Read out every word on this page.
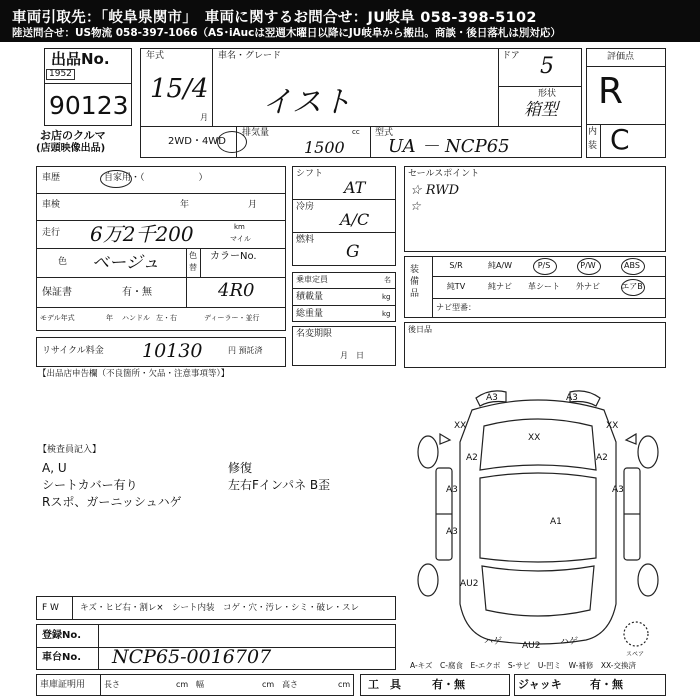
車両引取先：「岐阜県関市」　車両に関するお問合せ：JU岐阜 058-398-5102
陸送問合せ：US物流 058-397-1066（AS･iAucは翌週木曜日以降にJU岐阜から搬出。商談・後日落札は別対応）
出品No.
1952
90123
お店のクルマ
(店頭映像出品)
年式
15/4
月
車名・グレード
イスト
ドア 5
形状
箱型
2WD・4WD
排気量	cc
1500
型式
UA － NCP65
評価点
R
内
装 C
車歴	自家用・（　　　　　　）
車検	年	月
走行 6万2千200	km
マイル
色 ベージュ	色
替
カラーNo.
4R0
保証書	有・無
モデル年式	年 ハンドル 左・右	ディーラー・並行
リサイクル料金 10130	円 預託済
シフト
AT
冷房
A/C
燃料
G
乗車定員	名
積載量	kg
総重量	kg
名変期限
月　日
セールスポイント
☆ RWD
☆
装備品
S/R	純A/W	P/S	P/W	ABS
純TV	純ナビ	革シート	外ナビ	エアB
ナビ型番：
後日品
【出品店申告欄（不良箇所・欠品・注意事項等）】
【検査員記入】
A, U
シートカバー有り
Rスポ、ガーニッシュハゲ
修復
左右Fインパネ B歪
A3	A3
XX
XX
XX
A2	A2
A3
A3
A1
A3
AU2
ハゲ AU2 ハゲ
スペア
F W キズ・ヒビ右・割レ×　シート内装　コゲ・穴・汚レ・シミ・破レ・スレ
登録No.
車台No. NCP65-0016707	A-キズ　C-腐食　E-エクボ　S-サビ　U-凹ミ　W-補修　XX-交換済
車庫証明用 長さ	cm 幅	cm 高さ	cm 工　具	有・無	ジャッキ	有・無
